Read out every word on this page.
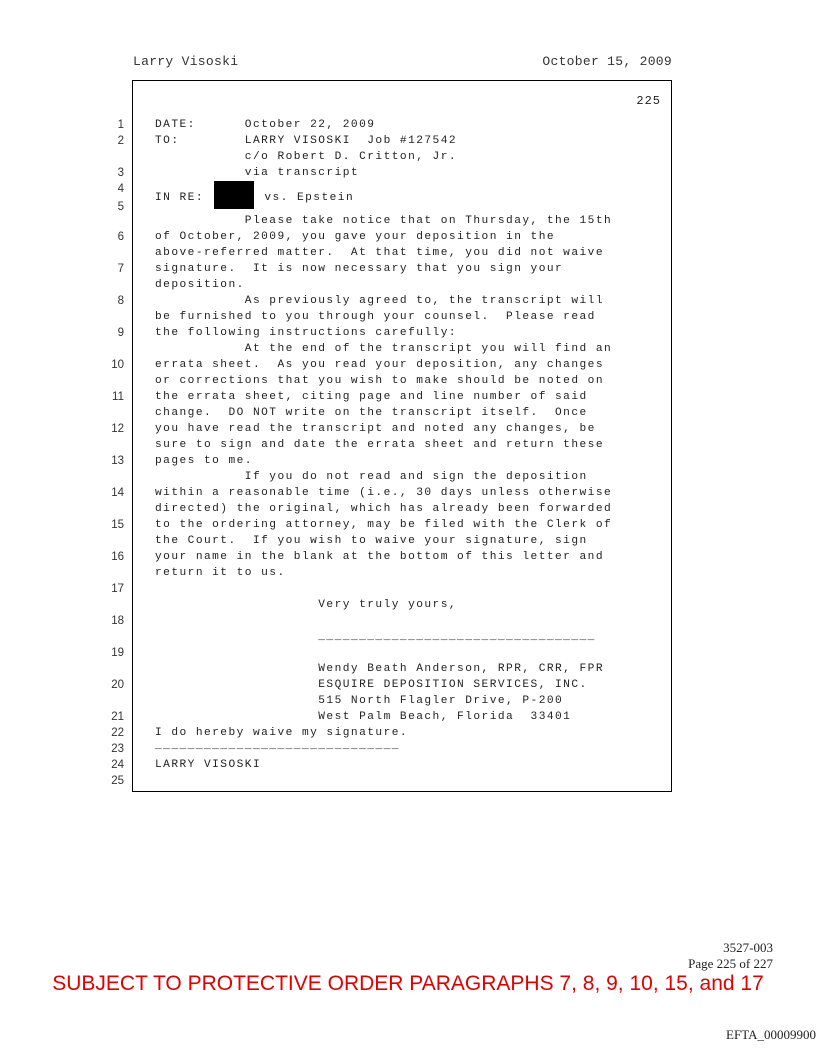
Larry Visoski	October 15, 2009
225
1
2
3
4
5
6
7
8
9
10
11
12
13
14
15
16
17
18
19
20
21
22
23
24
25
DATE:      October 22, 2009
TO:        LARRY VISOSKI  Job #127542
c/o Robert D. Critton, Jr.
via transcript
IN RE:	vs. Epstein
Please take notice that on Thursday, the 15th
of October, 2009, you gave your deposition in the
above-referred matter.  At that time, you did not waive
signature.  It is now necessary that you sign your
deposition.
As previously agreed to, the transcript will
be furnished to you through your counsel.  Please read
the following instructions carefully:
At the end of the transcript you will find an
errata sheet.  As you read your deposition, any changes
or corrections that you wish to make should be noted on
the errata sheet, citing page and line number of said
change.  DO NOT write on the transcript itself.  Once
you have read the transcript and noted any changes, be
sure to sign and date the errata sheet and return these
pages to me.
If you do not read and sign the deposition
within a reasonable time (i.e., 30 days unless otherwise
directed) the original, which has already been forwarded
to the ordering attorney, may be filed with the Clerk of
the Court.  If you wish to waive your signature, sign
your name in the blank at the bottom of this letter and
return it to us.
Very truly yours,
__________________________________
Wendy Beath Anderson, RPR, CRR, FPR
ESQUIRE DEPOSITION SERVICES, INC.
515 North Flagler Drive, P-200
West Palm Beach, Florida  33401
I do hereby waive my signature.
______________________________
LARRY VISOSKI
3527-003
Page 225 of 227
SUBJECT TO PROTECTIVE ORDER PARAGRAPHS 7, 8, 9, 10, 15, and 17
EFTA_00009900
